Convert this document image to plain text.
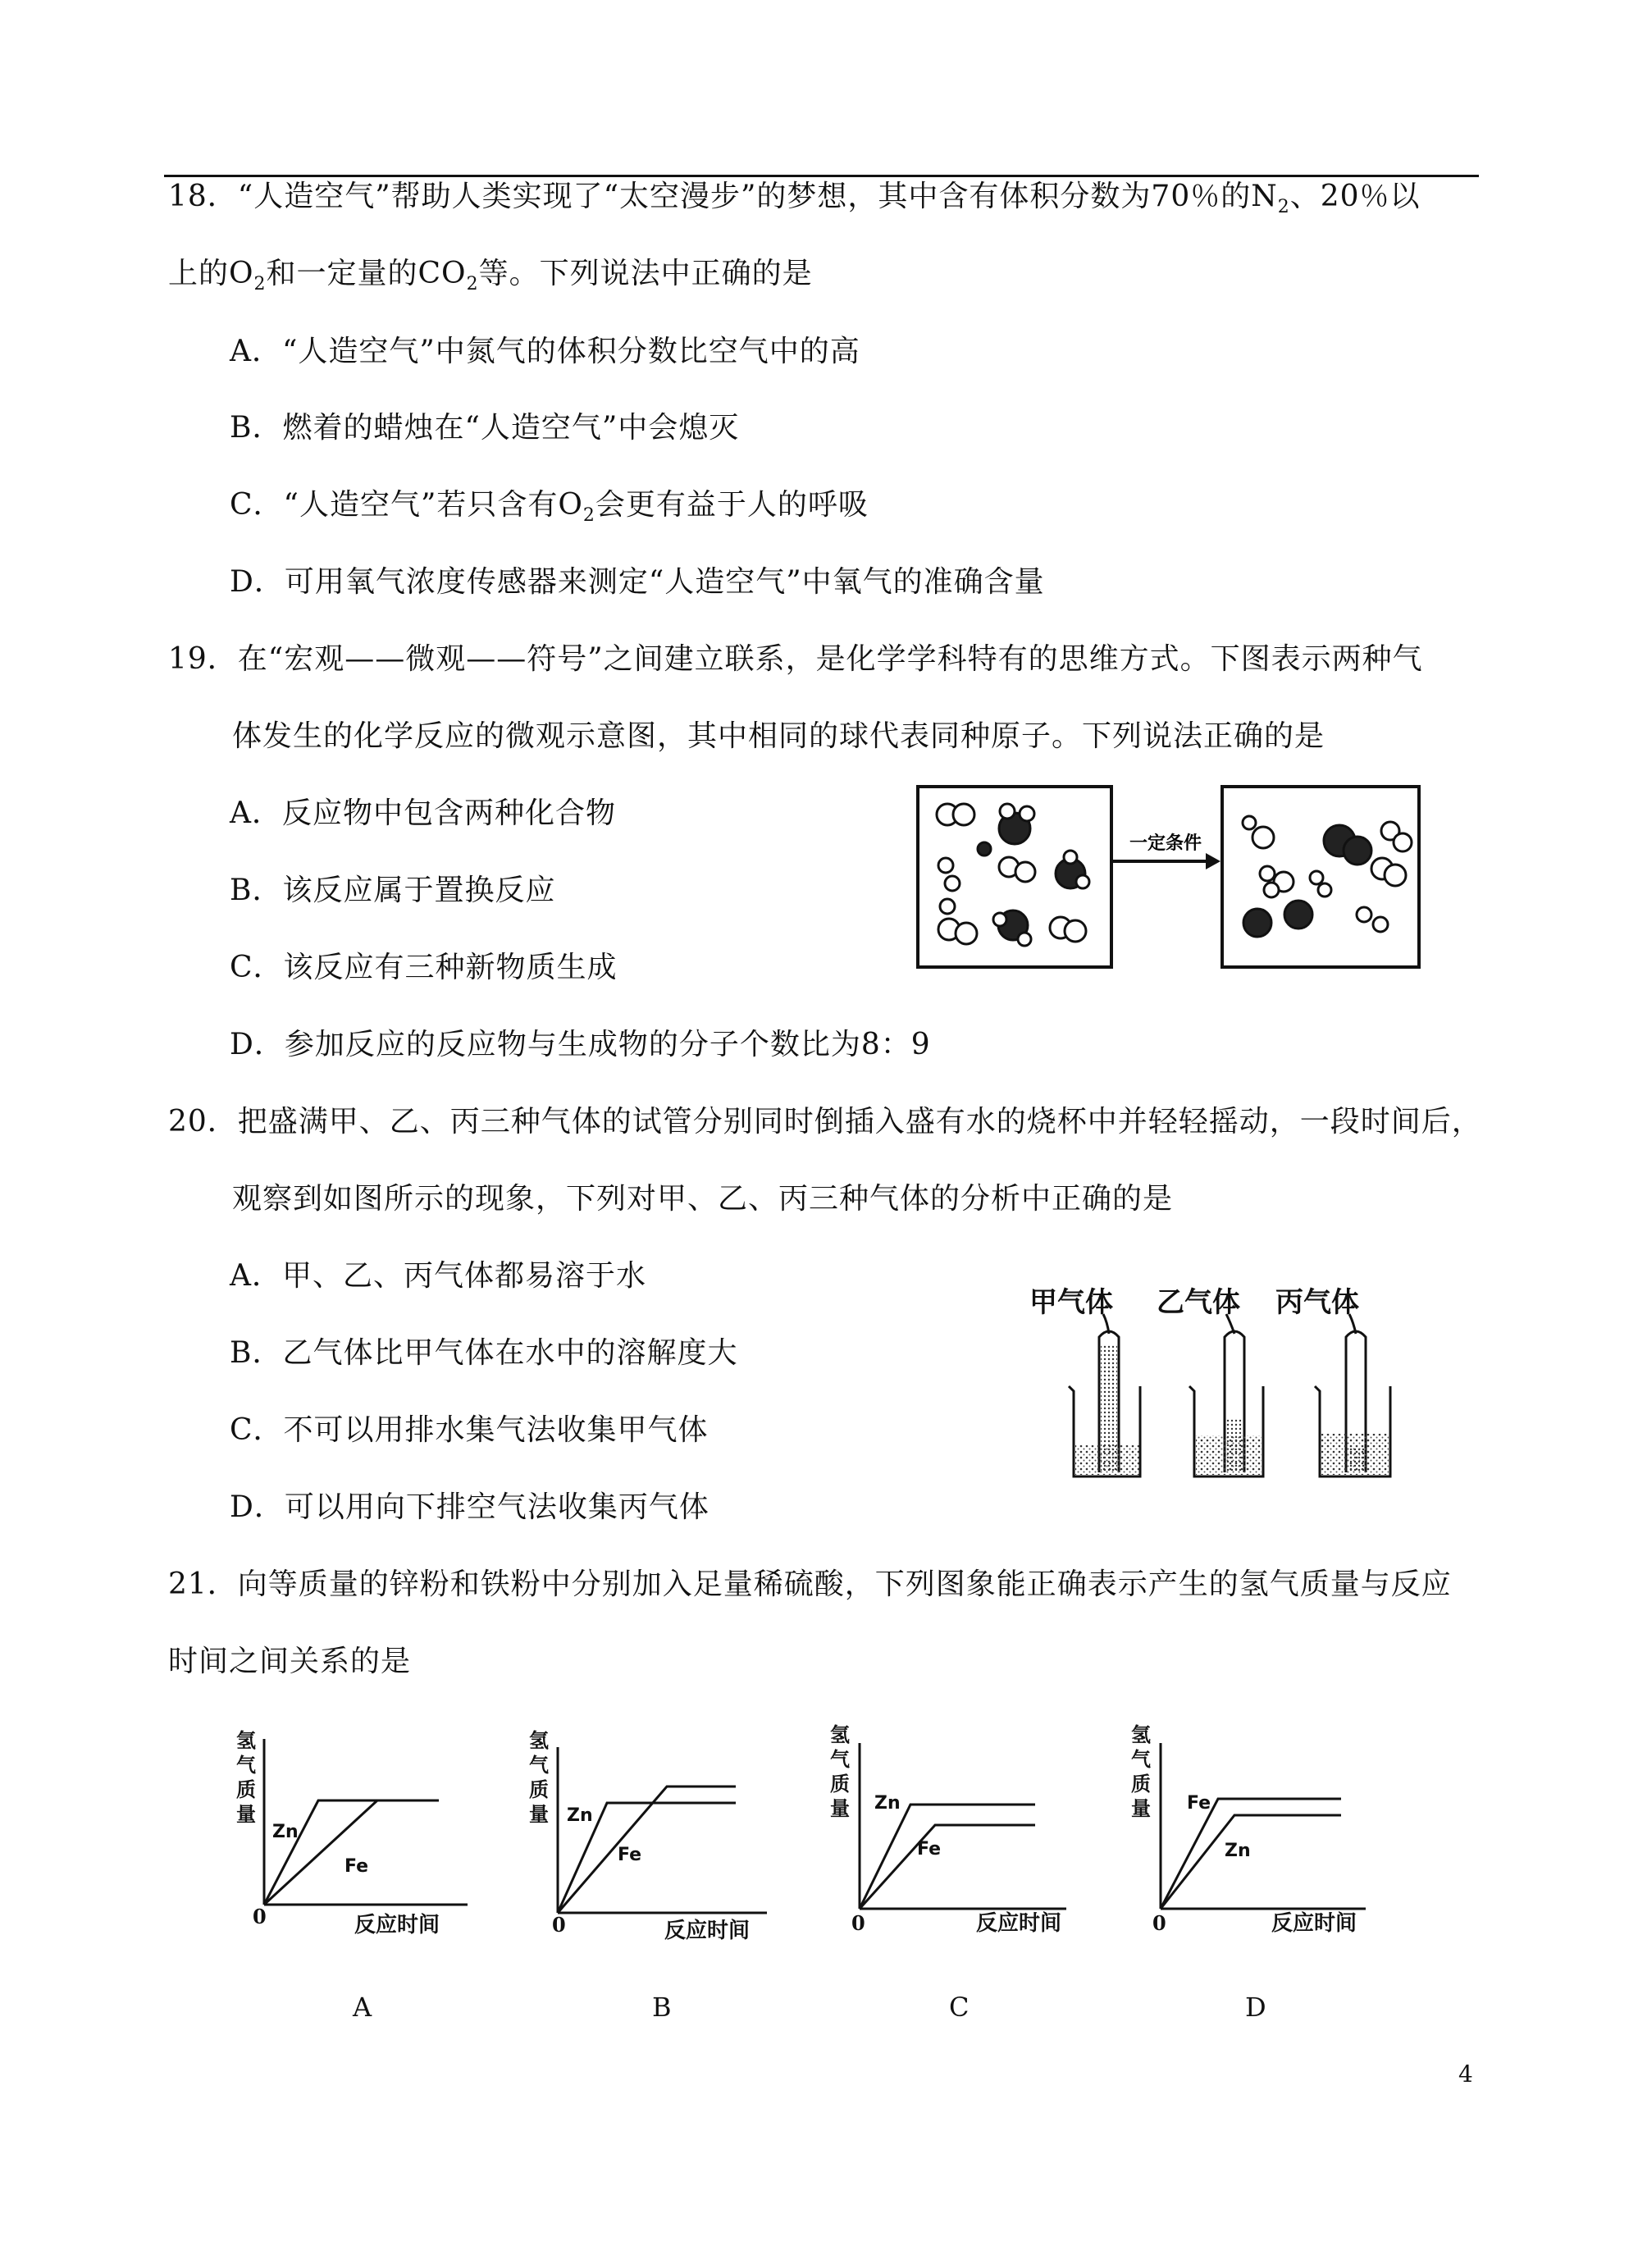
18．“人造空气”帮助人类实现了“太空漫步”的梦想，其中含有体积分数为70％的$N_2$、20％以
上的$O_2$和一定量的$CO_2$等。下列说法中正确的是
A．“人造空气”中氮气的体积分数比空气中的高
B．燃着的蜡烛在“人造空气”中会熄灭
C．“人造空气”若只含有$O_2$会更有益于人的呼吸
D．可用氧气浓度传感器来测定“人造空气”中氧气的准确含量
19．在“宏观——微观——符号”之间建立联系，是化学学科特有的思维方式。下图表示两种气
体发生的化学反应的微观示意图，其中相同的球代表同种原子。下列说法正确的是
A．反应物中包含两种化合物
B．该反应属于置换反应
C．该反应有三种新物质生成
D．参加反应的反应物与生成物的分子个数比为8：9
一定条件
20．把盛满甲、乙、丙三种气体的试管分别同时倒插入盛有水的烧杯中并轻轻摇动，一段时间后，
观察到如图所示的现象，下列对甲、乙、丙三种气体的分析中正确的是
A．甲、乙、丙气体都易溶于水
B．乙气体比甲气体在水中的溶解度大
C．不可以用排水集气法收集甲气体
D．可以用向下排空气法收集丙气体
甲气体 乙气体 丙气体
21．向等质量的锌粉和铁粉中分别加入足量稀硫酸，下列图象能正确表示产生的氢气质量与反应
时间之间关系的是
氢
气
质
量
0	反应时间
Zn
Fe
A
氢
气
质
量
0	反应时间
Zn
Fe
B
氢
气
质
量
0	反应时间
Zn
Fe
C
氢
气
质
量
0	反应时间
Fe
Zn
D
4
